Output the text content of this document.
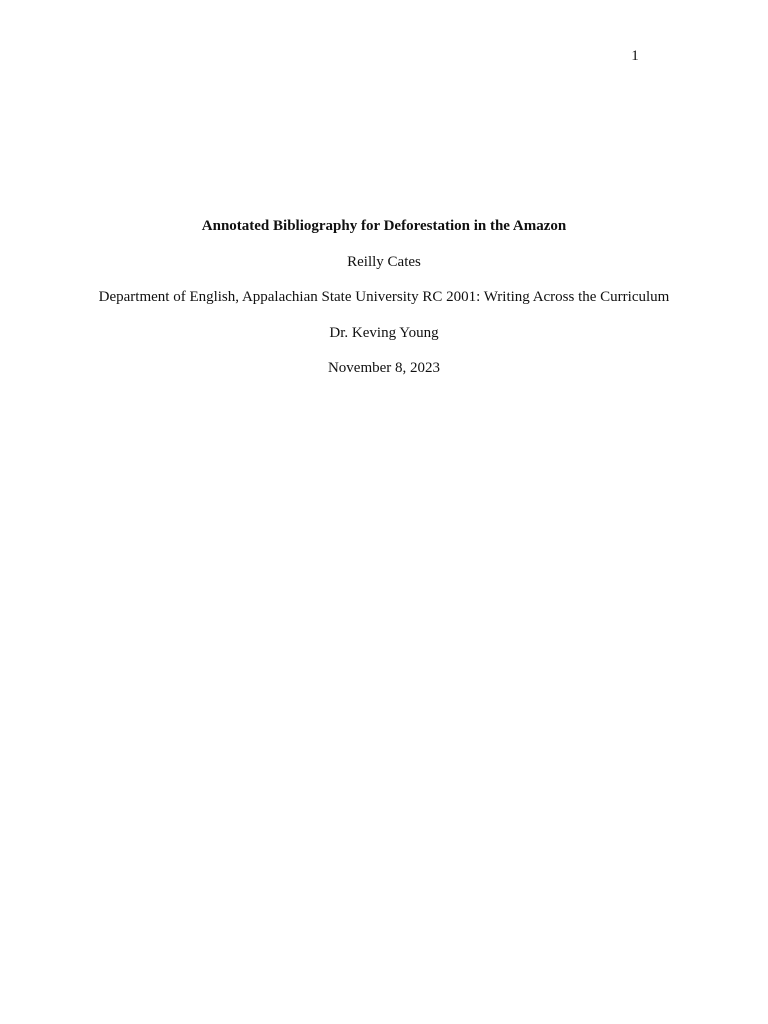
1
Annotated Bibliography for Deforestation in the Amazon
Reilly Cates
Department of English, Appalachian State University RC 2001: Writing Across the Curriculum
Dr. Keving Young
November 8, 2023
